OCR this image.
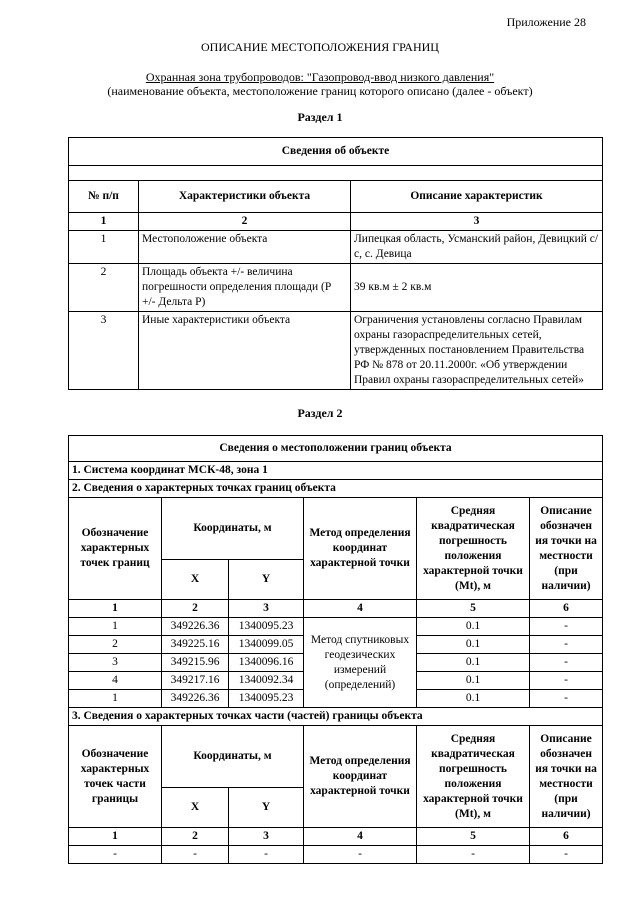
Приложение 28
ОПИСАНИЕ МЕСТОПОЛОЖЕНИЯ ГРАНИЦ
Охранная зона трубопроводов: "Газопровод-ввод низкого давления"
(наименование объекта, местоположение границ которого описано (далее - объект)
Раздел 1
Сведения об объекте		

№ п/п	Характеристики объекта	Описание характеристик
1	2	3
1	Местоположение объекта	Липецкая область, Усманский район, Девицкий с/с, с. Девица
2	Площадь объекта +/- величина погрешности определения площади (Р +/- Дельта Р)	39 кв.м ± 2 кв.м
3	Иные характеристики объекта	Ограничения установлены согласно Правилам охраны газораспределительных сетей, утвержденных постановлением Правительства РФ № 878 от 20.11.2000г. «Об утверждении Правил охраны газораспределительных сетей»
Раздел 2
Сведения о местоположении границ объекта					
1. Система координат МСК-48, зона 1					
2. Сведения о характерных точках границ объекта					
Обозначение характерных точек границ	Координаты, м		Метод определения координат характерной точки	Средняя квадратическая погрешность положения характерной точки (Mt), м	Описание обозначен ия точки на местности (при наличии)
	X	Y			
1	2	3	4	5	6
1	349226.36	1340095.23	Метод спутниковых геодезических измерений (определений)	0.1	-
2	349225.16	1340099.05		0.1	-
3	349215.96	1340096.16		0.1	-
4	349217.16	1340092.34		0.1	-
1	349226.36	1340095.23		0.1	-
3. Сведения о характерных точках части (частей) границы объекта					
Обозначение характерных точек части границы	Координаты, м		Метод определения координат характерной точки	Средняя квадратическая погрешность положения характерной точки (Mt), м	Описание обозначен ия точки на местности (при наличии)
	X	Y			
1	2	3	4	5	6
-	-	-	-	-	-
